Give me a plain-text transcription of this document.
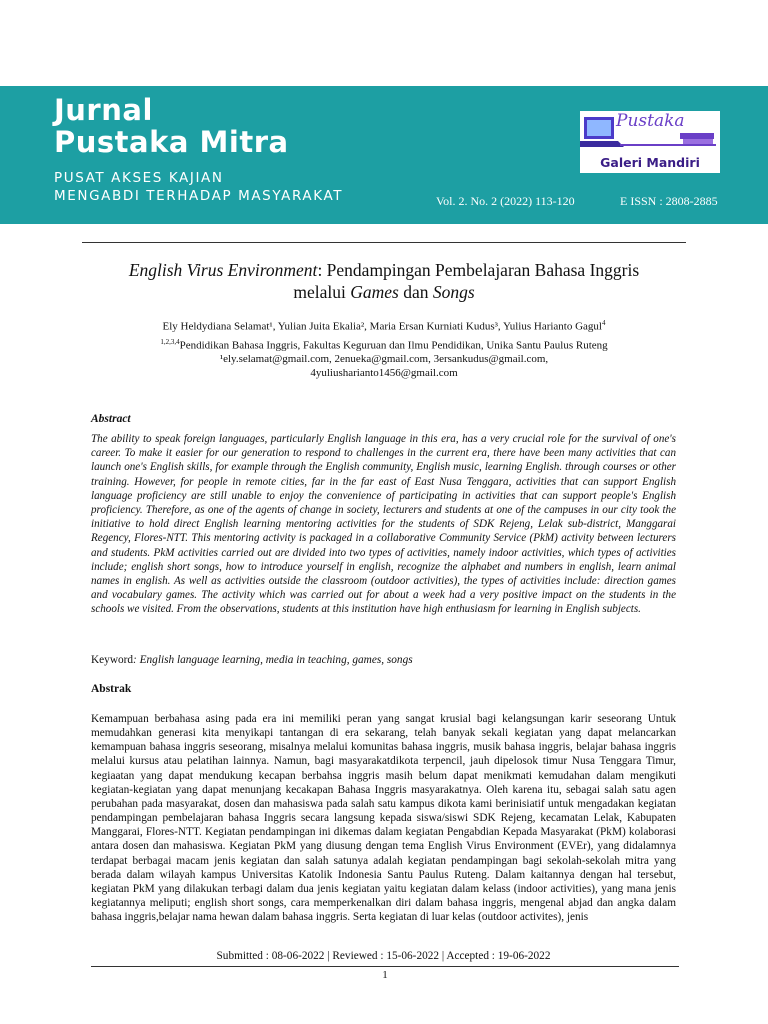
Jurnal
Pustaka Mitra
PUSAT AKSES KAJIAN
MENGABDI TERHADAP MASYARAKAT	Vol. 2. No. 2 (2022) 113-120	E ISSN : 2808-2885
Pustaka
Galeri Mandiri
English Virus Environment: Pendampingan Pembelajaran Bahasa Inggris
melalui Games dan Songs
Ely Heldydiana Selamat¹, Yulian Juita Ekalia², Maria Ersan Kurniati Kudus³, Yulius Harianto Gagul$^4$
$^{1,2,3,4}$Pendidikan Bahasa Inggris, Fakultas Keguruan dan Ilmu Pendidikan, Unika Santu Paulus Ruteng
¹ely.selamat@gmail.com, 2enueka@gmail.com, 3ersankudus@gmail.com,
4yuliusharianto1456@gmail.com
Abstract

The ability to speak foreign languages, particularly English language in this era, has a very crucial role for the survival of one's career. To make it easier for our generation to respond to challenges in the current era, there have been many activities that can launch one's English skills, for example through the English community, English music, learning English. through courses or other training. However, for people in remote cities, far in the far east of East Nusa Tenggara, activities that can support English language proficiency are still unable to enjoy the convenience of participating in activities that can support people's English proficiency. Therefore, as one of the agents of change in society, lecturers and students at one of the campuses in our city took the initiative to hold direct English learning mentoring activities for the students of SDK Rejeng, Lelak sub-district, Manggarai Regency, Flores-NTT. This mentoring activity is packaged in a collaborative Community Service (PkM) activity between lecturers and students. PkM activities carried out are divided into two types of activities, namely indoor activities, which types of activities include; english short songs, how to introduce yourself in english, recognize the alphabet and numbers in english, learn animal names in english. As well as activities outside the classroom (outdoor activities), the types of activities include: direction games and vocabulary games. The activity which was carried out for about a week had a very positive impact on the students in the schools we visited. From the observations, students at this institution have high enthusiasm for learning in English subjects.

Keyword: English language learning, media in teaching, games, songs
Abstrak

Kemampuan berbahasa asing pada era ini memiliki peran yang sangat krusial bagi kelangsungan karir seseorang Untuk memudahkan generasi kita menyikapi tantangan di era sekarang, telah banyak sekali kegiatan yang dapat melancarkan kemampuan bahasa inggris seseorang, misalnya melalui komunitas bahasa inggris, musik bahasa inggris, belajar bahasa inggris melalui kursus atau pelatihan lainnya. Namun, bagi masyarakatdikota terpencil, jauh dipelosok timur Nusa Tenggara Timur, kegiaatan yang dapat mendukung kecapan berbahsa inggris masih belum dapat menikmati kemudahan dalam mengikuti kegiatan-kegiatan yang dapat menunjang kecakapan Bahasa Inggris masyarakatnya. Oleh karena itu, sebagai salah satu agen perubahan pada masyarakat, dosen dan mahasiswa pada salah satu kampus dikota kami berinisiatif untuk mengadakan kegiatan pendampingan pembelajaran bahasa Inggris secara langsung kepada siswa/siswi SDK Rejeng, kecamatan Lelak, Kabupaten Manggarai, Flores-NTT. Kegiatan pendampingan ini dikemas dalam kegiatan Pengabdian Kepada Masyarakat (PkM) kolaborasi antara dosen dan mahasiswa. Kegiatan PkM yang diusung dengan tema English Virus Environment (EVEr), yang didalamnya terdapat berbagai macam jenis kegiatan dan salah satunya adalah kegiatan pendampingan bagi sekolah-sekolah mitra yang berada dalam wilayah kampus Universitas Katolik Indonesia Santu Paulus Ruteng. Dalam kaitannya dengan hal tersebut, kegiatan PkM yang dilakukan terbagi dalam dua jenis kegiatan yaitu kegiatan dalam kelass (indoor activities), yang mana jenis kegiatannya meliputi; english short songs, cara memperkenalkan diri dalam bahasa inggris, mengenal abjad dan angka dalam bahasa inggris,belajar nama hewan dalam bahasa inggris. Serta kegiatan di luar kelas (outdoor activites), jenis

Submitted : 08-06-2022 | Reviewed : 15-06-2022 | Accepted : 19-06-2022
1
